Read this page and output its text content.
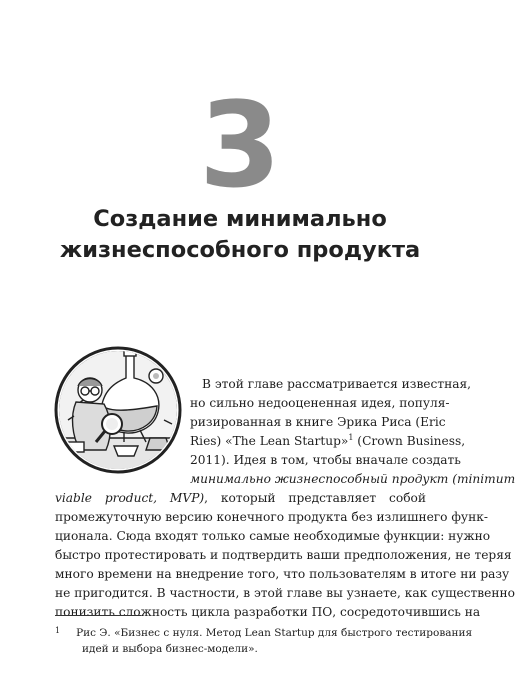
3
Создание минимально
жизнеспособного продукта
В этой главе рассматривается известная,
но сильно недооцененная идея, популя-
ризированная в книге Эрика Риса (Eric
Ries) «The Lean Startup»$^1$ (Crown Business,
2011). Идея в том, чтобы вначале создать
минимально жизнеспособный продукт (minimum
viable product, MVP), который представляет собой
промежуточную версию конечного продукта без излишнего функ-
ционала. Сюда входят только самые необходимые функции: нужно
быстро протестировать и подтвердить ваши предположения, не теряя
много времени на внедрение того, что пользователям в итоге ни разу
не пригодится. В частности, в этой главе вы узнаете, как существенно
понизить сложность цикла разработки ПО, сосредоточившись на
$^1$ Рис Э. «Бизнес с нуля. Метод Lean Startup для быстрого тестирования
идей и выбора бизнес-модели».
